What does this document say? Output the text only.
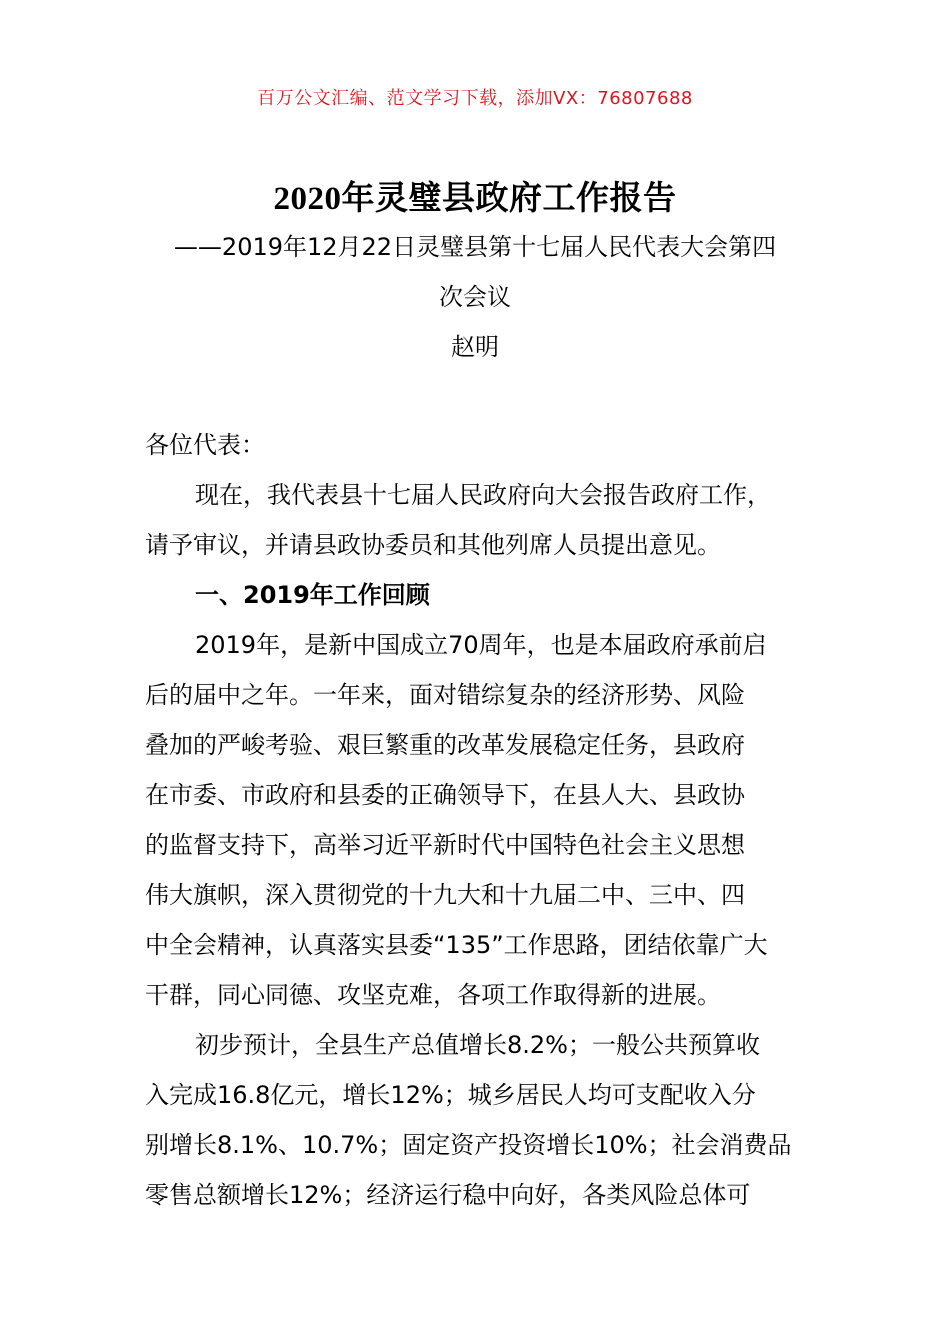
百万公文汇编、范文学习下载，添加VX：76807688
2020年灵璧县政府工作报告
——2019年12月22日灵璧县第十七届人民代表大会第四
次会议
赵明
各位代表：
现在，我代表县十七届人民政府向大会报告政府工作，
请予审议，并请县政协委员和其他列席人员提出意见。
一、2019年工作回顾
2019年，是新中国成立70周年，也是本届政府承前启
后的届中之年。一年来，面对错综复杂的经济形势、风险
叠加的严峻考验、艰巨繁重的改革发展稳定任务，县政府
在市委、市政府和县委的正确领导下，在县人大、县政协
的监督支持下，高举习近平新时代中国特色社会主义思想
伟大旗帜，深入贯彻党的十九大和十九届二中、三中、四
中全会精神，认真落实县委“135”工作思路，团结依靠广大
干群，同心同德、攻坚克难，各项工作取得新的进展。
初步预计，全县生产总值增长8.2%；一般公共预算收
入完成16.8亿元，增长12%；城乡居民人均可支配收入分
别增长8.1%、10.7%；固定资产投资增长10%；社会消费品
零售总额增长12%；经济运行稳中向好，各类风险总体可
